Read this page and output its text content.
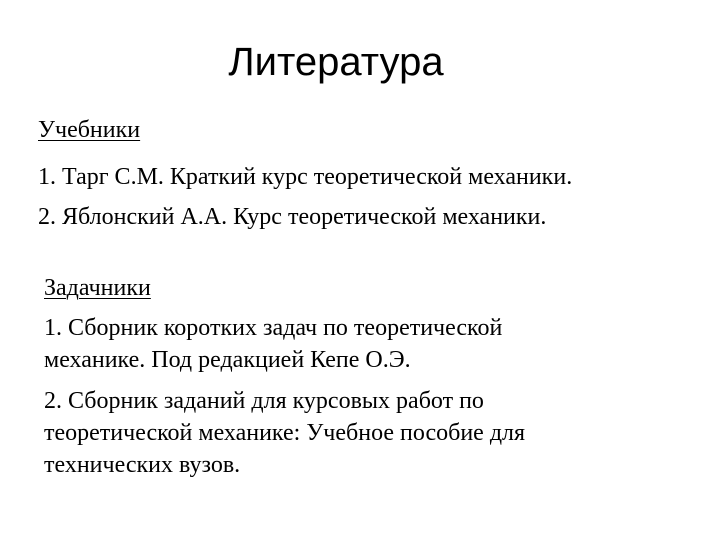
Литература
Учебники

1. Тарг С.М. Краткий курс теоретической механики.

2. Яблонский А.А. Курс теоретической механики.

Задачники

1. Сборник коротких задач по теоретической механике. Под редакцией Кепе О.Э.

2. Сборник заданий для курсовых работ по теоретической механике: Учебное пособие для технических вузов.
